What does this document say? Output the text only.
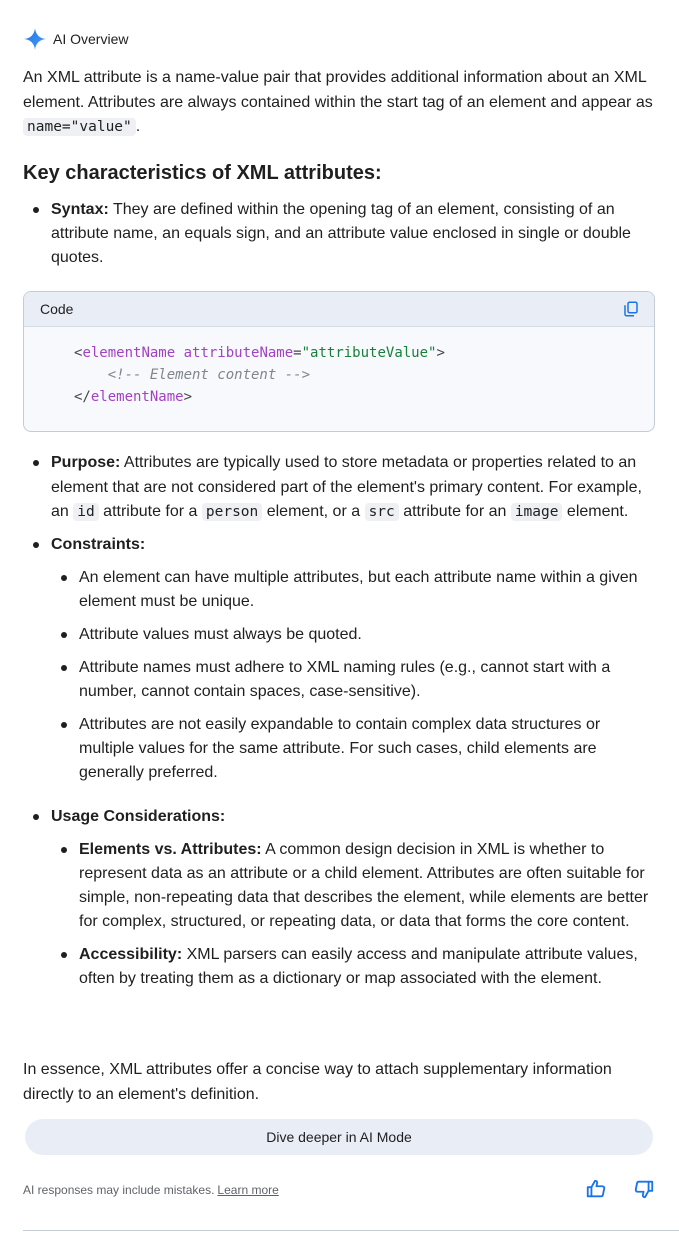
AI Overview

An XML attribute is a name-value pair that provides additional information about an XML element. Attributes are always contained within the start tag of an element and appear as name="value" .

Key characteristics of XML attributes:
Syntax: They are defined within the opening tag of an element, consisting of an attribute name, an equals sign, and an attribute value enclosed in single or double quotes.
Code
<elementName attributeName="attributeValue">
<!-- Element content -->
</elementName>
Purpose: Attributes are typically used to store metadata or properties related to an element that are not considered part of the element's primary content. For example, an id attribute for a person element, or a src attribute for an image element.
Constraints:
An element can have multiple attributes, but each attribute name within a given element must be unique.
Attribute values must always be quoted.
Attribute names must adhere to XML naming rules (e.g., cannot start with a number, cannot contain spaces, case-sensitive).
Attributes are not easily expandable to contain complex data structures or multiple values for the same attribute. For such cases, child elements are generally preferred.
Usage Considerations:
Elements vs. Attributes: A common design decision in XML is whether to represent data as an attribute or a child element. Attributes are often suitable for simple, non-repeating data that describes the element, while elements are better for complex, structured, or repeating data, or data that forms the core content.
Accessibility: XML parsers can easily access and manipulate attribute values, often by treating them as a dictionary or map associated with the element.

In essence, XML attributes offer a concise way to attach supplementary information directly to an element's definition.

Dive deeper in AI Mode
AI responses may include mistakes. Learn more
